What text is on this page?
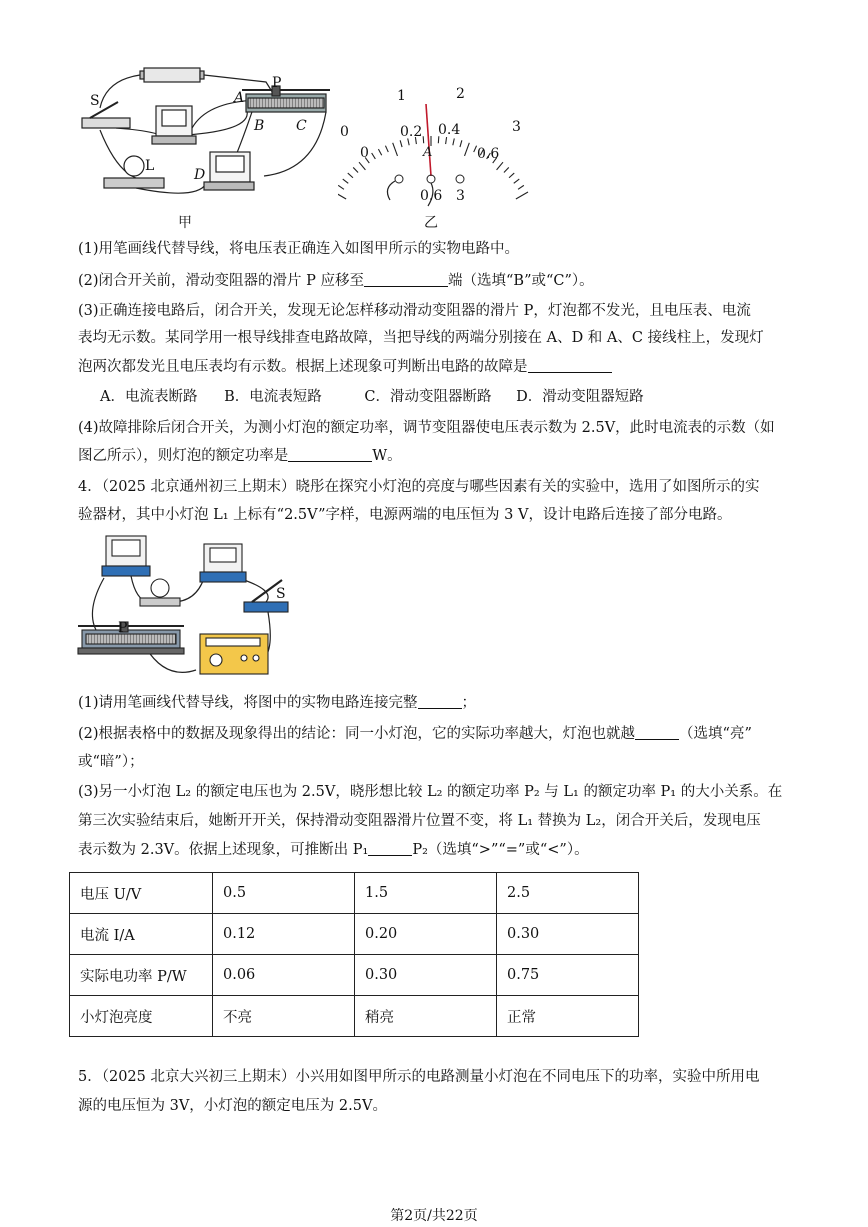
S
P
A
B C
L
D
甲
0
1	2
3
0
0.2 0.4
0.6
A
0.6 3
乙
(1)用笔画线代替导线，将电压表正确连入如图甲所示的实物电路中。
(2)闭合开关前，滑动变阻器的滑片 P 应移至	端（选填“B”或“C”）。
(3)正确连接电路后，闭合开关，发现无论怎样移动滑动变阻器的滑片 P，灯泡都不发光，且电压表、电流
表均无示数。某同学用一根导线排查电路故障，当把导线的两端分别接在 A、D 和 A、C 接线柱上，发现灯
泡两次都发光且电压表均有示数。根据上述现象可判断出电路的故障是
A．电流表断路 B．电流表短路	C．滑动变阻器断路 D．滑动变阻器短路
(4)故障排除后闭合开关，为测小灯泡的额定功率，调节变阻器使电压表示数为 2.5V，此时电流表的示数（如
图乙所示），则灯泡的额定功率是	W。
4．（2025 北京通州初三上期末）晓彤在探究小灯泡的亮度与哪些因素有关的实验中，选用了如图所示的实
验器材，其中小灯泡 L₁ 上标有“2.5V”字样，电源两端的电压恒为 3 V，设计电路后连接了部分电路。
P
S
(1)请用笔画线代替导线，将图中的实物电路连接完整	；
(2)根据表格中的数据及现象得出的结论：同一小灯泡，它的实际功率越大，灯泡也就越	（选填“亮”
或“暗”）；
(3)另一小灯泡 L₂ 的额定电压也为 2.5V，晓彤想比较 L₂ 的额定功率 P₂ 与 L₁ 的额定功率 P₁ 的大小关系。在
第三次实验结束后，她断开开关，保持滑动变阻器滑片位置不变，将 L₁ 替换为 L₂，闭合开关后，发现电压
表示数为 2.3V。依据上述现象，可推断出 P₁	P₂（选填“>”“=”或“<”）。
电压 U/V	0.5	1.5	2.5
电流 I/A	0.12	0.20	0.30
实际电功率 P/W	0.06	0.30	0.75
小灯泡亮度	不亮	稍亮	正常
5．（2025 北京大兴初三上期末）小兴用如图甲所示的电路测量小灯泡在不同电压下的功率，实验中所用电
源的电压恒为 3V，小灯泡的额定电压为 2.5V。
第2页/共22页
